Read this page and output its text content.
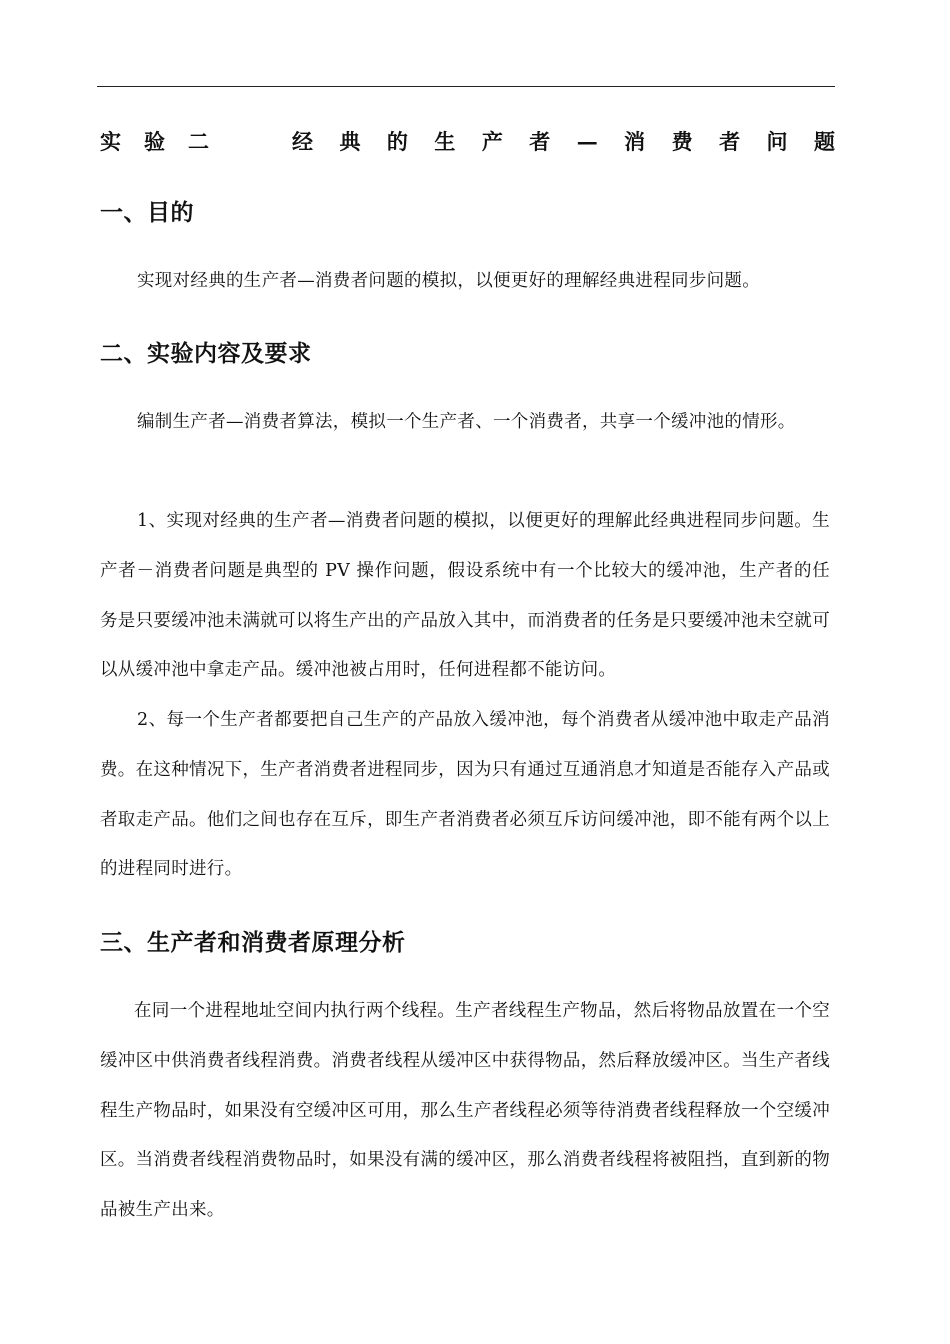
实验二	经典的生产者—消费者问题
一、目的
实现对经典的生产者—消费者问题的模拟，以便更好的理解经典进程同步问题。
二、实验内容及要求
编制生产者—消费者算法，模拟一个生产者、一个消费者，共享一个缓冲池的情形。
1、实现对经典的生产者—消费者问题的模拟，以便更好的理解此经典进程同步问题。生产者－消费者问题是典型的 PV 操作问题，假设系统中有一个比较大的缓冲池，生产者的任务是只要缓冲池未满就可以将生产出的产品放入其中，而消费者的任务是只要缓冲池未空就可以从缓冲池中拿走产品。缓冲池被占用时，任何进程都不能访问。
2、每一个生产者都要把自己生产的产品放入缓冲池，每个消费者从缓冲池中取走产品消费。在这种情况下，生产者消费者进程同步，因为只有通过互通消息才知道是否能存入产品或者取走产品。他们之间也存在互斥，即生产者消费者必须互斥访问缓冲池，即不能有两个以上的进程同时进行。
三、生产者和消费者原理分析
在同一个进程地址空间内执行两个线程。生产者线程生产物品，然后将物品放置在一个空缓冲区中供消费者线程消费。消费者线程从缓冲区中获得物品，然后释放缓冲区。当生产者线程生产物品时，如果没有空缓冲区可用，那么生产者线程必须等待消费者线程释放一个空缓冲区。当消费者线程消费物品时，如果没有满的缓冲区，那么消费者线程将被阻挡，直到新的物品被生产出来。
